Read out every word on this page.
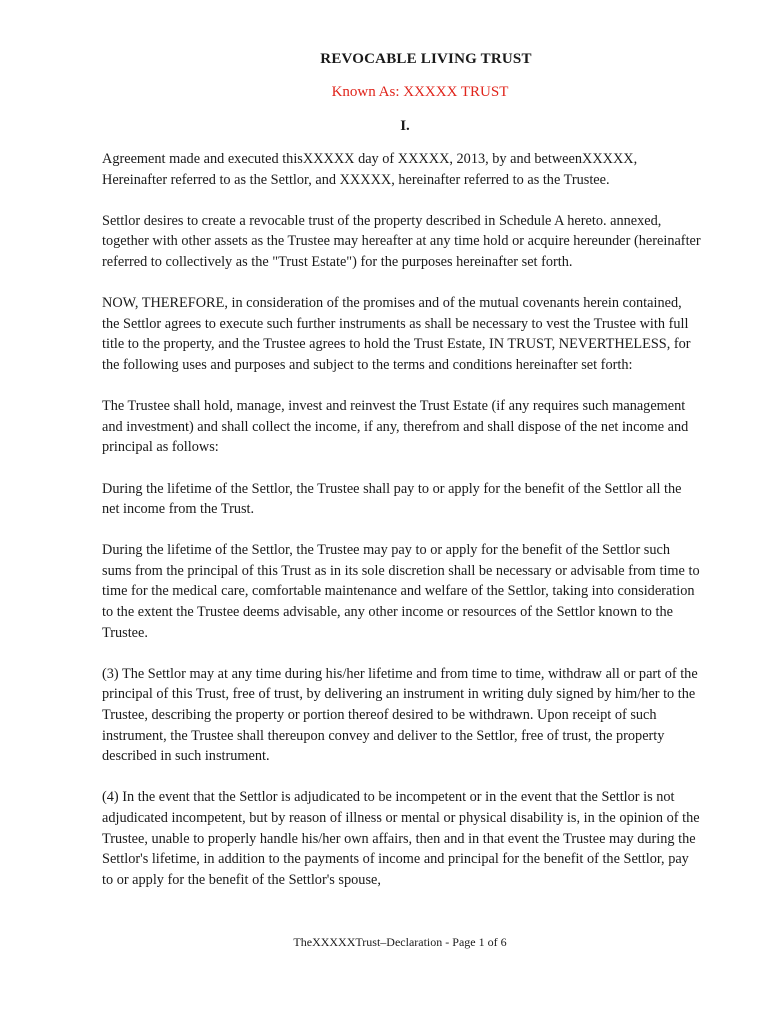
REVOCABLE LIVING TRUST
Known As: XXXXX TRUST
I.

Agreement made and executed thisXXXXX day of XXXXX, 2013, by and betweenXXXXX, Hereinafter referred to as the Settlor, and XXXXX, hereinafter referred to as the Trustee.

Settlor desires to create a revocable trust of the property described in Schedule A hereto. annexed, together with other assets as the Trustee may hereafter at any time hold or acquire hereunder (hereinafter referred to collectively as the "Trust Estate") for the purposes hereinafter set forth.

NOW, THEREFORE, in consideration of the promises and of the mutual covenants herein contained, the Settlor agrees to execute such further instruments as shall be necessary to vest the Trustee with full title to the property, and the Trustee agrees to hold the Trust Estate, IN TRUST, NEVERTHELESS, for the following uses and purposes and subject to the terms and conditions hereinafter set forth:

The Trustee shall hold, manage, invest and reinvest the Trust Estate (if any requires such management and investment) and shall collect the income, if any, therefrom and shall dispose of the net income and principal as follows:

During the lifetime of the Settlor, the Trustee shall pay to or apply for the benefit of the Settlor all the net income from the Trust.

During the lifetime of the Settlor, the Trustee may pay to or apply for the benefit of the Settlor such sums from the principal of this Trust as in its sole discretion shall be necessary or advisable from time to time for the medical care, comfortable maintenance and welfare of the Settlor, taking into consideration to the extent the Trustee deems advisable, any other income or resources of the Settlor known to the Trustee.

(3) The Settlor may at any time during his/her lifetime and from time to time, withdraw all or part of the principal of this Trust, free of trust, by delivering an instrument in writing duly signed by him/her to the Trustee, describing the property or portion thereof desired to be withdrawn. Upon receipt of such instrument, the Trustee shall thereupon convey and deliver to the Settlor, free of trust, the property described in such instrument.

(4) In the event that the Settlor is adjudicated to be incompetent or in the event that the Settlor is not adjudicated incompetent, but by reason of illness or mental or physical disability is, in the opinion of the Trustee, unable to properly handle his/her own affairs, then and in that event the Trustee may during the Settlor's lifetime, in addition to the payments of income and principal for the benefit of the Settlor, pay to or apply for the benefit of the Settlor's spouse,

TheXXXXXTrust–Declaration - Page 1 of 6
